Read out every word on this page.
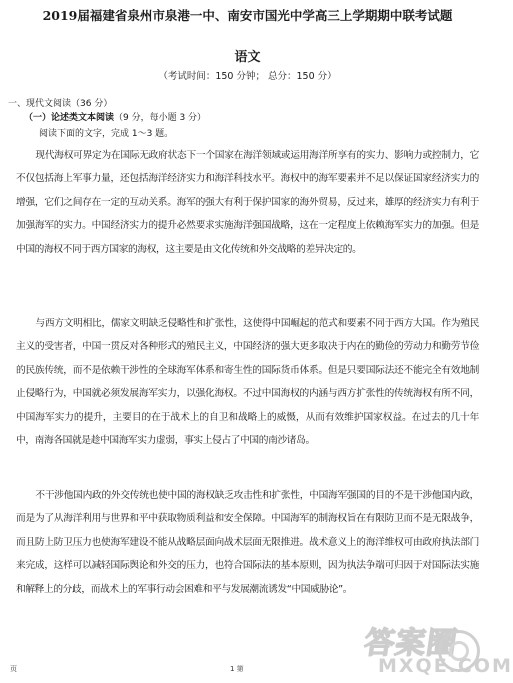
2019届福建省泉州市泉港一中、南安市国光中学高三上学期期中联考试题
语文
（考试时间：150 分钟； 总分：150 分）
一、现代文阅读（36 分）
（一）论述类文本阅读（9 分，每小题 3 分）
阅读下面的文字，完成 1～3 题。

现代海权可界定为在国际无政府状态下一个国家在海洋领域或运用海洋所享有的实力、影响力或控制力，它不仅包括海上军事力量，还包括海洋经济实力和海洋科技水平。海权中的海军要素并不足以保证国家经济实力的增强，它们之间存在一定的互动关系。海军的强大有利于保护国家的海外贸易，反过来，雄厚的经济实力有利于加强海军的实力。中国经济实力的提升必然要求实施海洋强国战略，这在一定程度上依赖海军实力的加强。但是中国的海权不同于西方国家的海权，这主要是由文化传统和外交战略的差异决定的。

与西方文明相比，儒家文明缺乏侵略性和扩张性，这使得中国崛起的范式和要素不同于西方大国。作为殖民主义的受害者，中国一贯反对各种形式的殖民主义，中国经济的强大更多取决于内在的勤俭的劳动力和勤劳节俭的民族传统，而不是依赖干涉性的全球海军体系和寄生性的国际货币体系。但是只要国际法还不能完全有效地制止侵略行为，中国就必须发展海军实力，以强化海权。不过中国海权的内涵与西方扩张性的传统海权有所不同，中国海军实力的提升，主要目的在于战术上的自卫和战略上的威慑，从而有效维护国家权益。在过去的几十年中，南海各国就是趁中国海军实力虚弱，事实上侵占了中国的南沙诸岛。

不干涉他国内政的外交传统也使中国的海权缺乏攻击性和扩张性，中国海军强国的目的不是干涉他国内政，而是为了从海洋利用与世界和平中获取物质利益和安全保障。中国海军的制海权旨在有限防卫而不是无限战争，而且防上防卫压力也使海军建设不能从战略层面向战术层面无限推进。战术意义上的海洋维权可由政府执法部门来完成，这样可以减轻国际舆论和外交的压力，也符合国际法的基本原则，因为执法争端可归因于对国际法实施和解释上的分歧，而战术上的军事行动会困难和平与发展潮流诱发“中国威胁论”。

页	1 第
答案圈
MXQE.COM
